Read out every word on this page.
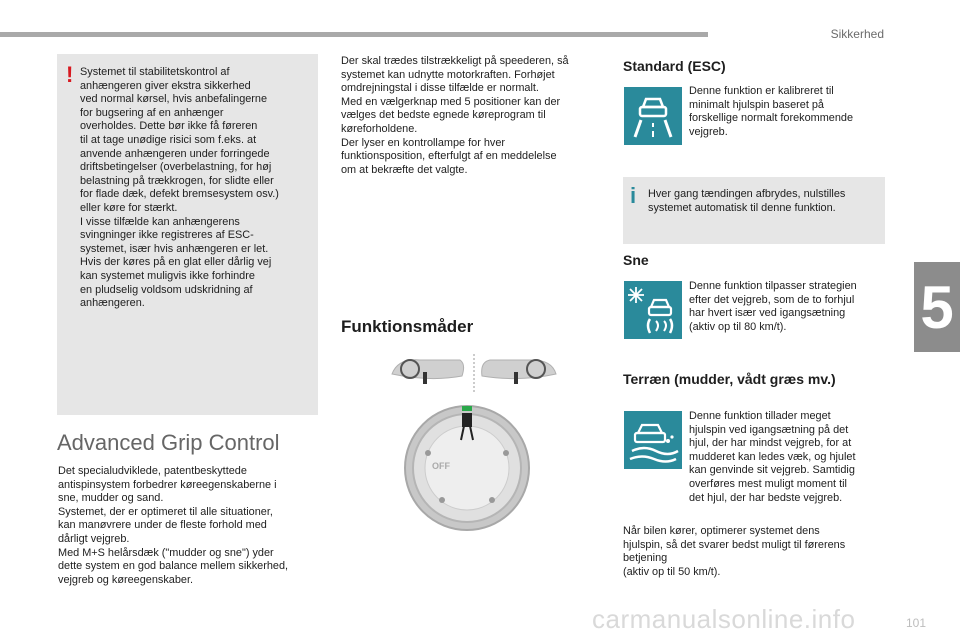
Sikkerhed
5
! Systemet til stabilitetskontrol af
anhængeren giver ekstra sikkerhed
ved normal kørsel, hvis anbefalingerne
for bugsering af en anhænger
overholdes. Dette bør ikke få føreren
til at tage unødige risici som f.eks. at
anvende anhængeren under forringede
driftsbetingelser (overbelastning, for høj
belastning på trækkrogen, for slidte eller
for flade dæk, defekt bremsesystem osv.)
eller køre for stærkt.
I visse tilfælde kan anhængerens
svingninger ikke registreres af ESC-
systemet, især hvis anhængeren er let.
Hvis der køres på en glat eller dårlig vej
kan systemet muligvis ikke forhindre
en pludselig voldsom udskridning af
anhængeren.
Advanced Grip Control
Det specialudviklede, patentbeskyttede
antispinsystem forbedrer køreegenskaberne i
sne, mudder og sand.
Systemet, der er optimeret til alle situationer,
kan manøvrere under de fleste forhold med
dårligt vejgreb.
Med M+S helårsdæk ("mudder og sne") yder
dette system en god balance mellem sikkerhed,
vejgreb og køreegenskaber.
Der skal trædes tilstrækkeligt på speederen, så
systemet kan udnytte motorkraften. Forhøjet
omdrejningstal i disse tilfælde er normalt.
Med en vælgerknap med 5 positioner kan der
vælges det bedste egnede køreprogram til
køreforholdene.
Der lyser en kontrollampe for hver
funktionsposition, efterfulgt af en meddelelse
om at bekræfte det valgte.
Funktionsmåder
OFF
Standard (ESC)
Denne funktion er kalibreret til
minimalt hjulspin baseret på
forskellige normalt forekommende
vejgreb.
i Hver gang tændingen afbrydes, nulstilles
systemet automatisk til denne funktion.
Sne
Denne funktion tilpasser strategien
efter det vejgreb, som de to forhjul
har hvert især ved igangsætning
(aktiv op til 80 km/t).
Terræn (mudder, vådt græs mv.)
Denne funktion tillader meget
hjulspin ved igangsætning på det
hjul, der har mindst vejgreb, for at
mudderet kan ledes væk, og hjulet
kan genvinde sit vejgreb. Samtidig
overføres mest muligt moment til
det hjul, der har bedste vejgreb.
Når bilen kører, optimerer systemet dens
hjulspin, så det svarer bedst muligt til førerens
betjening
(aktiv op til 50 km/t).
carmanualsonline.info	101
